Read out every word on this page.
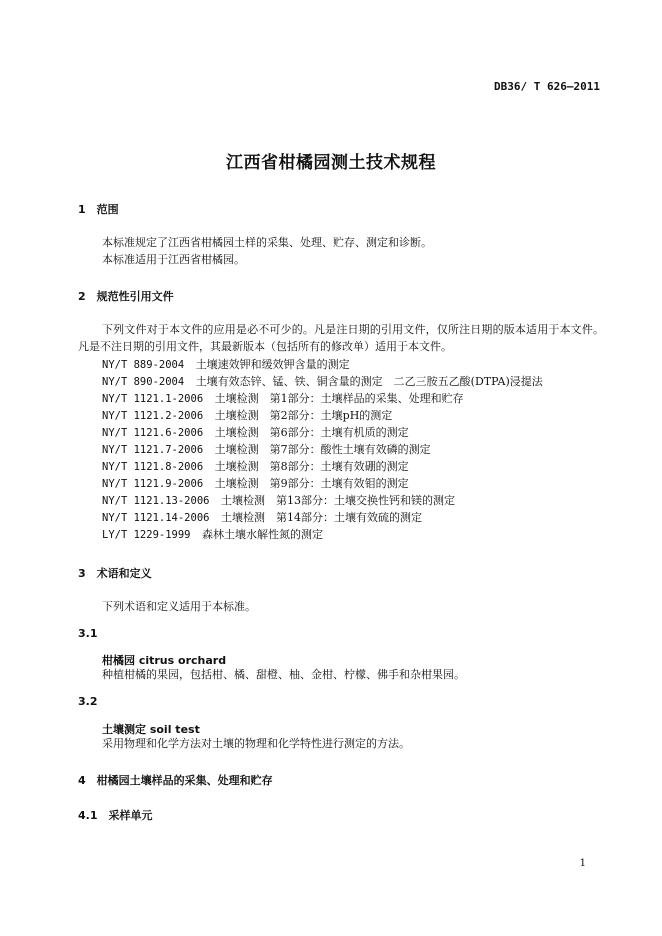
DB36/ T 626—2011
江西省柑橘园测土技术规程
1　范围
本标准规定了江西省柑橘园土样的采集、处理、贮存、测定和诊断。
本标准适用于江西省柑橘园。
2　规范性引用文件
下列文件对于本文件的应用是必不可少的。凡是注日期的引用文件，仅所注日期的版本适用于本文件。凡是不注日期的引用文件，其最新版本（包括所有的修改单）适用于本文件。
NY/T 889-2004 土壤速效钾和缓效钾含量的测定
NY/T 890-2004 土壤有效态锌、锰、铁、铜含量的测定　二乙三胺五乙酸(DTPA)浸提法
NY/T 1121.1-2006 土壤检测　第1部分：土壤样品的采集、处理和贮存
NY/T 1121.2-2006 土壤检测　第2部分：土壤pH的测定
NY/T 1121.6-2006 土壤检测　第6部分：土壤有机质的测定
NY/T 1121.7-2006 土壤检测　第7部分：酸性土壤有效磷的测定
NY/T 1121.8-2006 土壤检测　第8部分：土壤有效硼的测定
NY/T 1121.9-2006 土壤检测　第9部分：土壤有效钼的测定
NY/T 1121.13-2006 土壤检测　第13部分：土壤交换性钙和镁的测定
NY/T 1121.14-2006 土壤检测　第14部分：土壤有效硫的测定
LY/T 1229-1999 森林土壤水解性氮的测定
3　术语和定义
下列术语和定义适用于本标准。
3.1
柑橘园 citrus orchard
种植柑橘的果园，包括柑、橘、甜橙、柚、金柑、柠檬、佛手和杂柑果园。
3.2
土壤测定 soil test
采用物理和化学方法对土壤的物理和化学特性进行测定的方法。
4　柑橘园土壤样品的采集、处理和贮存
4.1　采样单元
1
